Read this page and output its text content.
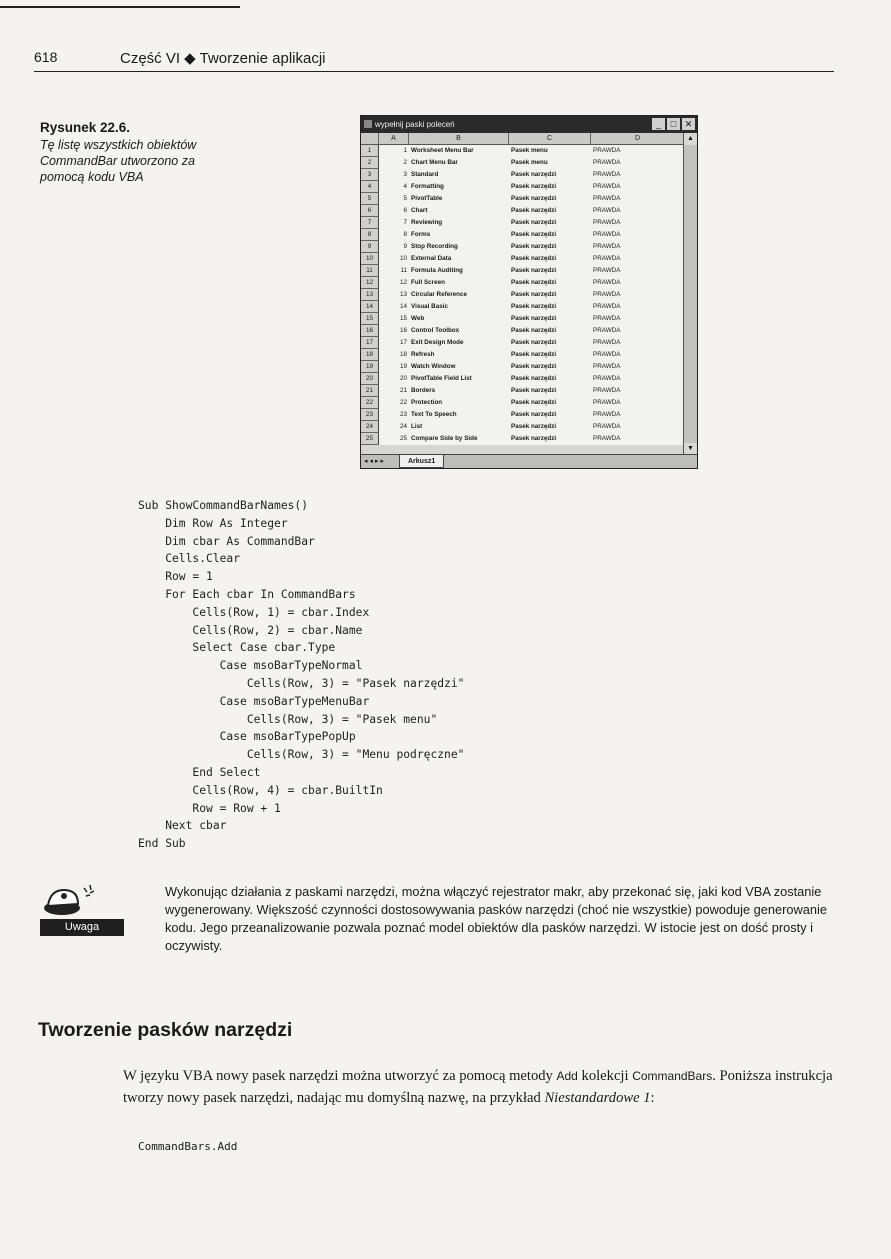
618	Część VI ◆ Tworzenie aplikacji
Rysunek 22.6.
Tę listę wszystkich obiektów CommandBar utworzono za pomocą kodu VBA
wypełnij paski poleceń	_	□ ✕
A	B	C	D
1	1 Worksheet Menu Bar	Pasek menu	PRAWDA
2	2 Chart Menu Bar	Pasek menu	PRAWDA
3	3 Standard	Pasek narzędzi	PRAWDA
4	4 Formatting	Pasek narzędzi	PRAWDA
5	5 PivotTable	Pasek narzędzi	PRAWDA
6	6 Chart	Pasek narzędzi	PRAWDA
7	7 Reviewing	Pasek narzędzi	PRAWDA
8	8 Forms	Pasek narzędzi	PRAWDA
9	9 Stop Recording	Pasek narzędzi	PRAWDA
10	10 External Data	Pasek narzędzi	PRAWDA
11	11 Formula Auditing	Pasek narzędzi	PRAWDA
12	12 Full Screen	Pasek narzędzi	PRAWDA
13	13 Circular Reference	Pasek narzędzi	PRAWDA
14	14 Visual Basic	Pasek narzędzi	PRAWDA
15	15 Web	Pasek narzędzi	PRAWDA
16	16 Control Toolbox	Pasek narzędzi	PRAWDA
17	17 Exit Design Mode	Pasek narzędzi	PRAWDA
18	18 Refresh	Pasek narzędzi	PRAWDA
19	19 Watch Window	Pasek narzędzi	PRAWDA
20	20 PivotTable Field List	Pasek narzędzi	PRAWDA
21	21 Borders	Pasek narzędzi	PRAWDA
22	22 Protection	Pasek narzędzi	PRAWDA
23	23 Text To Speech	Pasek narzędzi	PRAWDA
24	24 List	Pasek narzędzi	PRAWDA
25	25 Compare Side by Side	Pasek narzędzi	PRAWDA
▲
▼
◂◂▸▸	Arkusz1
Sub ShowCommandBarNames()
Dim Row As Integer
Dim cbar As CommandBar
Cells.Clear
Row = 1
For Each cbar In CommandBars
Cells(Row, 1) = cbar.Index
Cells(Row, 2) = cbar.Name
Select Case cbar.Type
Case msoBarTypeNormal
Cells(Row, 3) = "Pasek narzędzi"
Case msoBarTypeMenuBar
Cells(Row, 3) = "Pasek menu"
Case msoBarTypePopUp
Cells(Row, 3) = "Menu podręczne"
End Select
Cells(Row, 4) = cbar.BuiltIn
Row = Row + 1
Next cbar
End Sub
Uwaga
Wykonując działania z paskami narzędzi, można włączyć rejestrator makr, aby przekonać się, jaki kod VBA zostanie wygenerowany. Większość czynności dostosowywania pasków narzędzi (choć nie wszystkie) powoduje generowanie kodu. Jego przeanalizowanie pozwala poznać model obiektów dla pasków narzędzi. W istocie jest on dość prosty i oczywisty.
Tworzenie pasków narzędzi

W języku VBA nowy pasek narzędzi można utworzyć za pomocą metody Add kolekcji CommandBars. Poniższa instrukcja tworzy nowy pasek narzędzi, nadając mu domyślną nazwę, na przykład Niestandardowe 1:

CommandBars.Add
